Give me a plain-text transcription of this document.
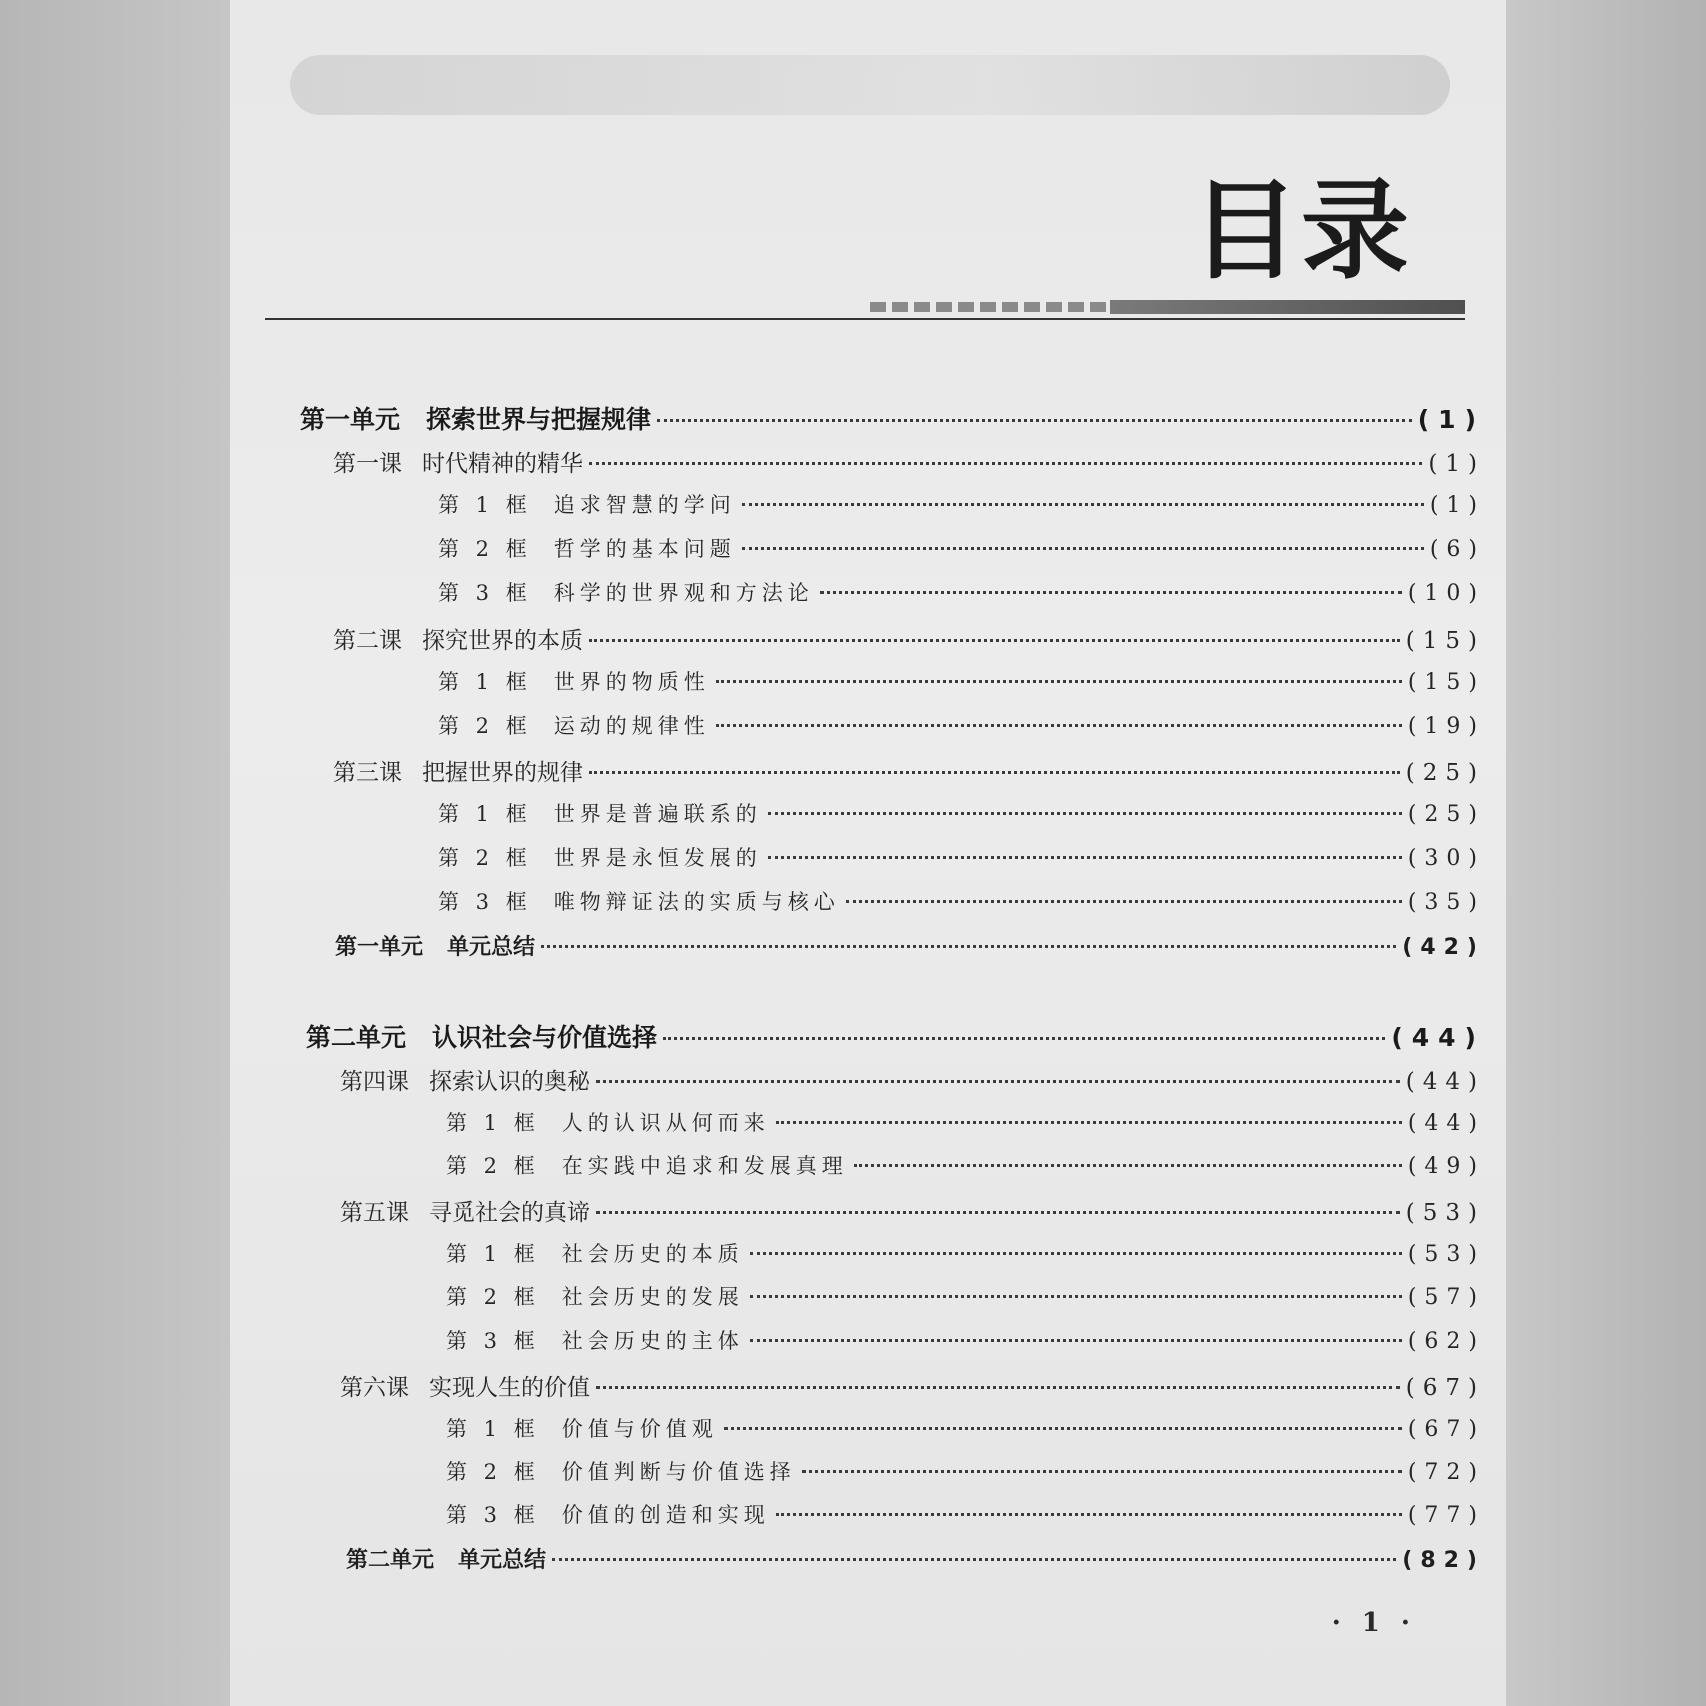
目录
第一单元 探索世界与把握规律	(1)
第一课 时代精神的精华	(1)
第 1 框 追求智慧的学问	(1)
第 2 框 哲学的基本问题	(6)
第 3 框 科学的世界观和方法论	(10)
第二课 探究世界的本质	(15)
第 1 框 世界的物质性	(15)
第 2 框 运动的规律性	(19)
第三课 把握世界的规律	(25)
第 1 框 世界是普遍联系的	(25)
第 2 框 世界是永恒发展的	(30)
第 3 框 唯物辩证法的实质与核心	(35)
第一单元 单元总结	(42)
第二单元 认识社会与价值选择	(44)
第四课 探索认识的奥秘	(44)
第 1 框 人的认识从何而来	(44)
第 2 框 在实践中追求和发展真理	(49)
第五课 寻觅社会的真谛	(53)
第 1 框 社会历史的本质	(53)
第 2 框 社会历史的发展	(57)
第 3 框 社会历史的主体	(62)
第六课 实现人生的价值	(67)
第 1 框 价值与价值观	(67)
第 2 框 价值判断与价值选择	(72)
第 3 框 价值的创造和实现	(77)
第二单元 单元总结	(82)
· 1 ·
